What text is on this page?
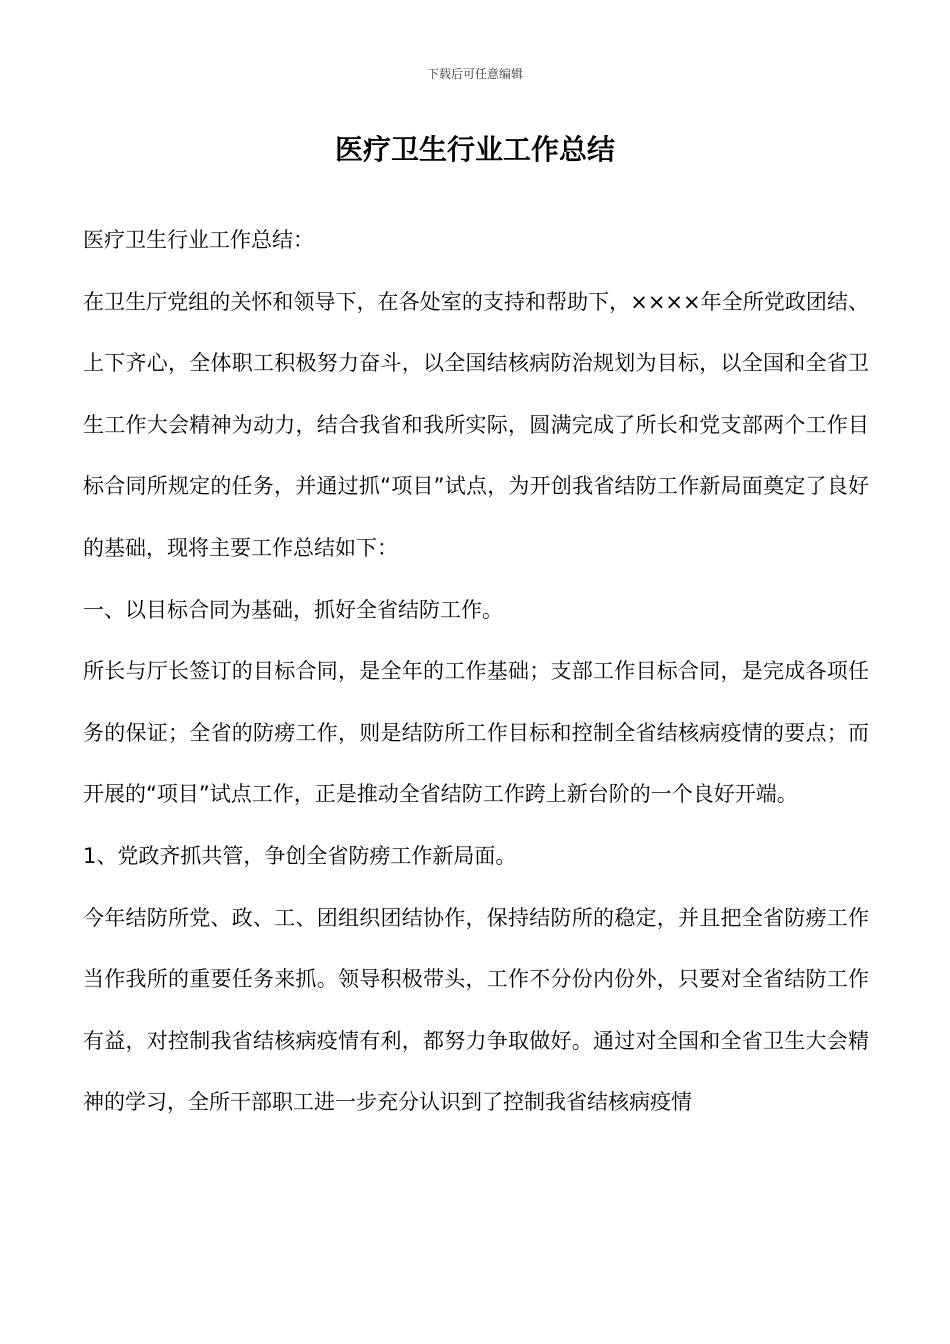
下载后可任意编辑
医疗卫生行业工作总结

医疗卫生行业工作总结：

在卫生厅党组的关怀和领导下，在各处室的支持和帮助下，××××年全所党政团结、上下齐心，全体职工积极努力奋斗，以全国结核病防治规划为目标，以全国和全省卫生工作大会精神为动力，结合我省和我所实际，圆满完成了所长和党支部两个工作目标合同所规定的任务，并通过抓“项目”试点，为开创我省结防工作新局面奠定了良好的基础，现将主要工作总结如下：

一、以目标合同为基础，抓好全省结防工作。

所长与厅长签订的目标合同，是全年的工作基础；支部工作目标合同，是完成各项任务的保证；全省的防痨工作，则是结防所工作目标和控制全省结核病疫情的要点；而开展的“项目”试点工作，正是推动全省结防工作跨上新台阶的一个良好开端。

1、党政齐抓共管，争创全省防痨工作新局面。

今年结防所党、政、工、团组织团结协作，保持结防所的稳定，并且把全省防痨工作当作我所的重要任务来抓。领导积极带头，工作不分份内份外，只要对全省结防工作有益，对控制我省结核病疫情有利，都努力争取做好。通过对全国和全省卫生大会精神的学习，全所干部职工进一步充分认识到了控制我省结核病疫情
